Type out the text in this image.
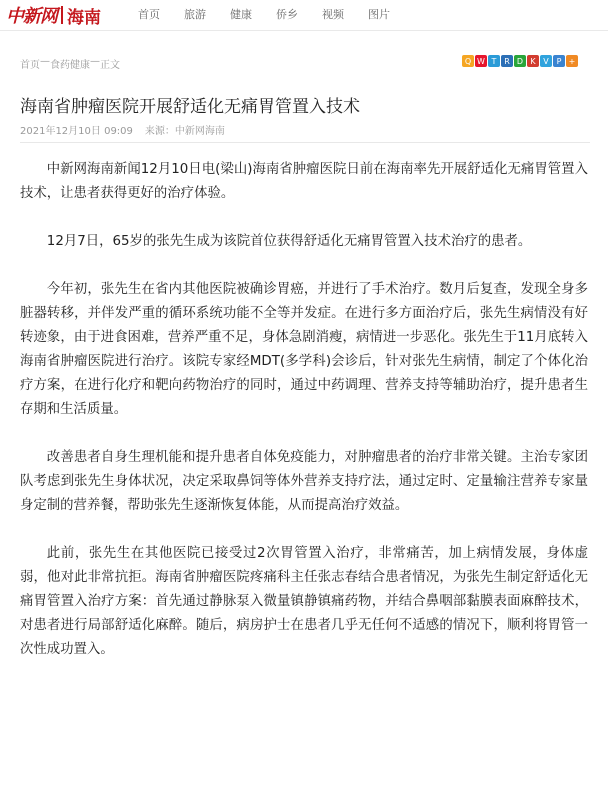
中新网 海南	首页 旅游 健康 侨乡 视频 图片
首页 — 食药健康 — 正文	Q W T R D K V P +
海南省肿瘤医院开展舒适化无痛胃管置入技术
2021年12月10日 09:09 来源：中新网海南

中新网海南新闻12月10日电(梁山)海南省肿瘤医院日前在海南率先开展舒适化无痛胃管置入技术，让患者获得更好的治疗体验。

12月7日，65岁的张先生成为该院首位获得舒适化无痛胃管置入技术治疗的患者。

今年初，张先生在省内其他医院被确诊胃癌，并进行了手术治疗。数月后复查，发现全身多脏器转移，并伴发严重的循环系统功能不全等并发症。在进行多方面治疗后，张先生病情没有好转迹象，由于进食困难，营养严重不足，身体急剧消瘦，病情进一步恶化。张先生于11月底转入海南省肿瘤医院进行治疗。该院专家经MDT(多学科)会诊后，针对张先生病情，制定了个体化治疗方案，在进行化疗和靶向药物治疗的同时，通过中药调理、营养支持等辅助治疗，提升患者生存期和生活质量。

改善患者自身生理机能和提升患者自体免疫能力，对肿瘤患者的治疗非常关键。主治专家团队考虑到张先生身体状况，决定采取鼻饲等体外营养支持疗法，通过定时、定量输注营养专家量身定制的营养餐，帮助张先生逐渐恢复体能，从而提高治疗效益。

此前，张先生在其他医院已接受过2次胃管置入治疗，非常痛苦，加上病情发展，身体虚弱，他对此非常抗拒。海南省肿瘤医院疼痛科主任张志春结合患者情况，为张先生制定舒适化无痛胃管置入治疗方案：首先通过静脉泵入微量镇静镇痛药物，并结合鼻咽部黏膜表面麻醉技术，对患者进行局部舒适化麻醉。随后，病房护士在患者几乎无任何不适感的情况下，顺利将胃管一次性成功置入。
